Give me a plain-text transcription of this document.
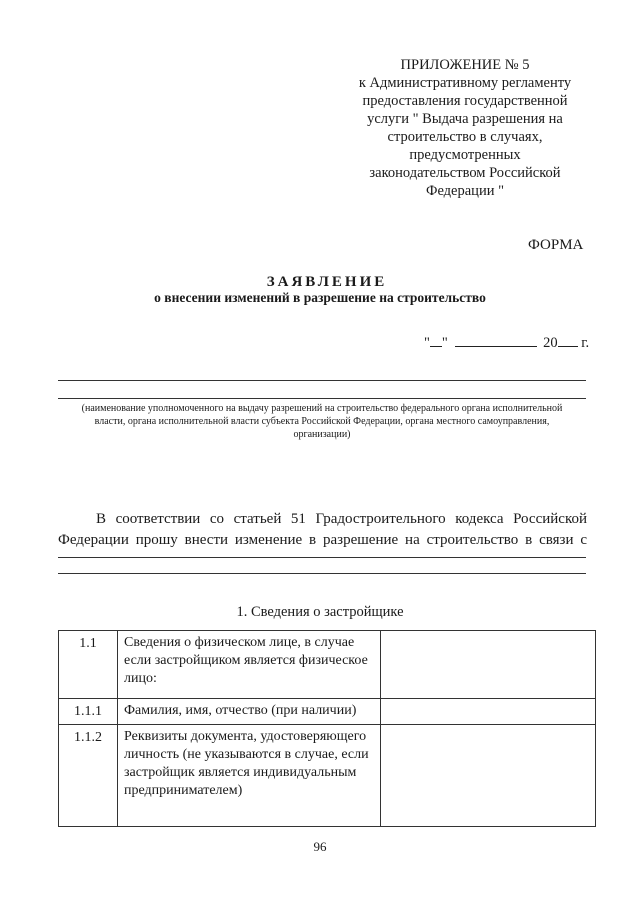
ПРИЛОЖЕНИЕ № 5
к Административному регламенту
предоставления государственной
услуги " Выдача разрешения на
строительство в случаях,
предусмотренных
законодательством Российской
Федерации "
ФОРМА
ЗАЯВЛЕНИЕ
о внесении изменений в разрешение на строительство
" "	20 г.
(наименование уполномоченного на выдачу разрешений на строительство федерального органа исполнительной власти, органа исполнительной власти субъекта Российской Федерации, органа местного самоуправления, организации)
В соответствии со статьей 51 Градостроительного кодекса Российской Федерации прошу внести изменение в разрешение на строительство в связи с
1. Сведения о застройщике
1.1	Сведения о физическом лице, в случае если застройщиком является физическое лицо:	
1.1.1	Фамилия, имя, отчество (при наличии)	
1.1.2	Реквизиты документа, удостоверяющего личность (не указываются в случае, если застройщик является индивидуальным предпринимателем)	
96
